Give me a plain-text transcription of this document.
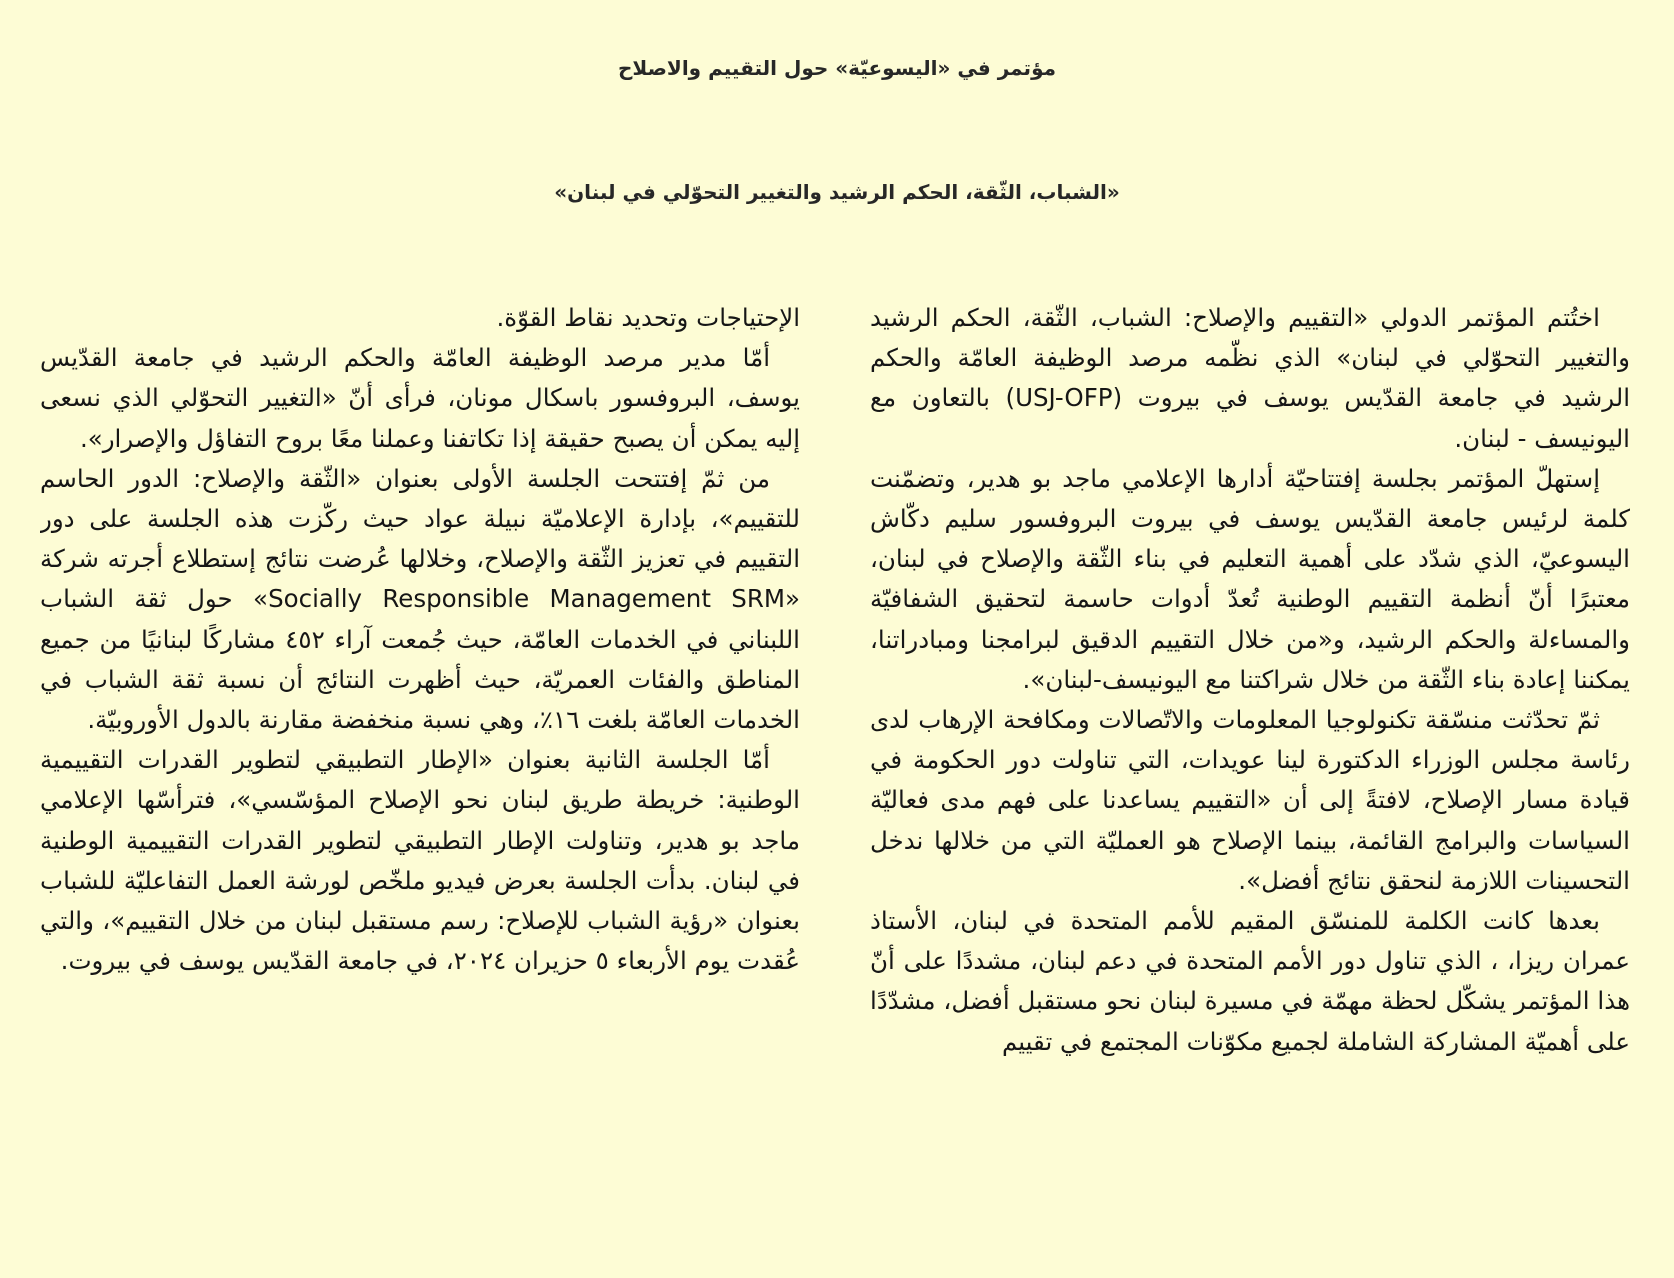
مؤتمر في «اليسوعيّة» حول التقييم والاصلاح
«الشباب، الثّقة، الحكم الرشيد والتغيير التحوّلي في لبنان»

اختُتم المؤتمر الدولي «التقييم والإصلاح: الشباب، الثّقة، الحكم الرشيد والتغيير التحوّلي في لبنان» الذي نظّمه مرصد الوظيفة العامّة والحكم الرشيد في جامعة القدّيس يوسف في بيروت (USJ-OFP) بالتعاون مع اليونيسف - لبنان.

إستهلّ المؤتمر بجلسة إفتتاحيّة أدارها الإعلامي ماجد بو هدير، وتضمّنت كلمة لرئيس جامعة القدّيس يوسف في بيروت البروفسور سليم دكّاش اليسوعيّ، الذي شدّد على أهمية التعليم في بناء الثّقة والإصلاح في لبنان، معتبرًا أنّ أنظمة التقييم الوطنية تُعدّ أدوات حاسمة لتحقيق الشفافيّة والمساءلة والحكم الرشيد، و«من خلال التقييم الدقيق لبرامجنا ومبادراتنا، يمكننا إعادة بناء الثّقة من خلال شراكتنا مع اليونيسف-لبنان».

ثمّ تحدّثت منسّقة تكنولوجيا المعلومات والاتّصالات ومكافحة الإرهاب لدى رئاسة مجلس الوزراء الدكتورة لينا عويدات، التي تناولت دور الحكومة في قيادة مسار الإصلاح، لافتةً إلى أن «التقييم يساعدنا على فهم مدى فعاليّة السياسات والبرامج القائمة، بينما الإصلاح هو العمليّة التي من خلالها ندخل التحسينات اللازمة لنحقق نتائج أفضل».

بعدها كانت الكلمة للمنسّق المقيم للأمم المتحدة في لبنان، الأستاذ عمران ريزا، ، الذي تناول دور الأمم المتحدة في دعم لبنان، مشددًا على أنّ هذا المؤتمر يشكّل لحظة مهمّة في مسيرة لبنان نحو مستقبل أفضل، مشدّدًا على أهميّة المشاركة الشاملة لجميع مكوّنات المجتمع في تقييم

الإحتياجات وتحديد نقاط القوّة.

أمّا مدير مرصد الوظيفة العامّة والحكم الرشيد في جامعة القدّيس يوسف، البروفسور باسكال مونان، فرأى أنّ «التغيير التحوّلي الذي نسعى إليه يمكن أن يصبح حقيقة إذا تكاتفنا وعملنا معًا بروح التفاؤل والإصرار».

من ثمّ إفتتحت الجلسة الأولى بعنوان «الثّقة والإصلاح: الدور الحاسم للتقييم»، بإدارة الإعلاميّة نبيلة عواد حيث ركّزت هذه الجلسة على دور التقييم في تعزيز الثّقة والإصلاح، وخلالها عُرضت نتائج إستطلاع أجرته شركة «Socially Responsible Management SRM» حول ثقة الشباب اللبناني في الخدمات العامّة، حيث جُمعت آراء ٤٥٢ مشاركًا لبنانيًا من جميع المناطق والفئات العمريّة، حيث أظهرت النتائج أن نسبة ثقة الشباب في الخدمات العامّة بلغت ١٦٪، وهي نسبة منخفضة مقارنة بالدول الأوروبيّة.

أمّا الجلسة الثانية بعنوان «الإطار التطبيقي لتطوير القدرات التقييمية الوطنية: خريطة طريق لبنان نحو الإصلاح المؤسّسي»، فترأسّها الإعلامي ماجد بو هدير، وتناولت الإطار التطبيقي لتطوير القدرات التقييمية الوطنية في لبنان. بدأت الجلسة بعرض فيديو ملخّص لورشة العمل التفاعليّة للشباب بعنوان «رؤية الشباب للإصلاح: رسم مستقبل لبنان من خلال التقييم»، والتي عُقدت يوم الأربعاء ٥ حزيران ٢٠٢٤، في جامعة القدّيس يوسف في بيروت.
